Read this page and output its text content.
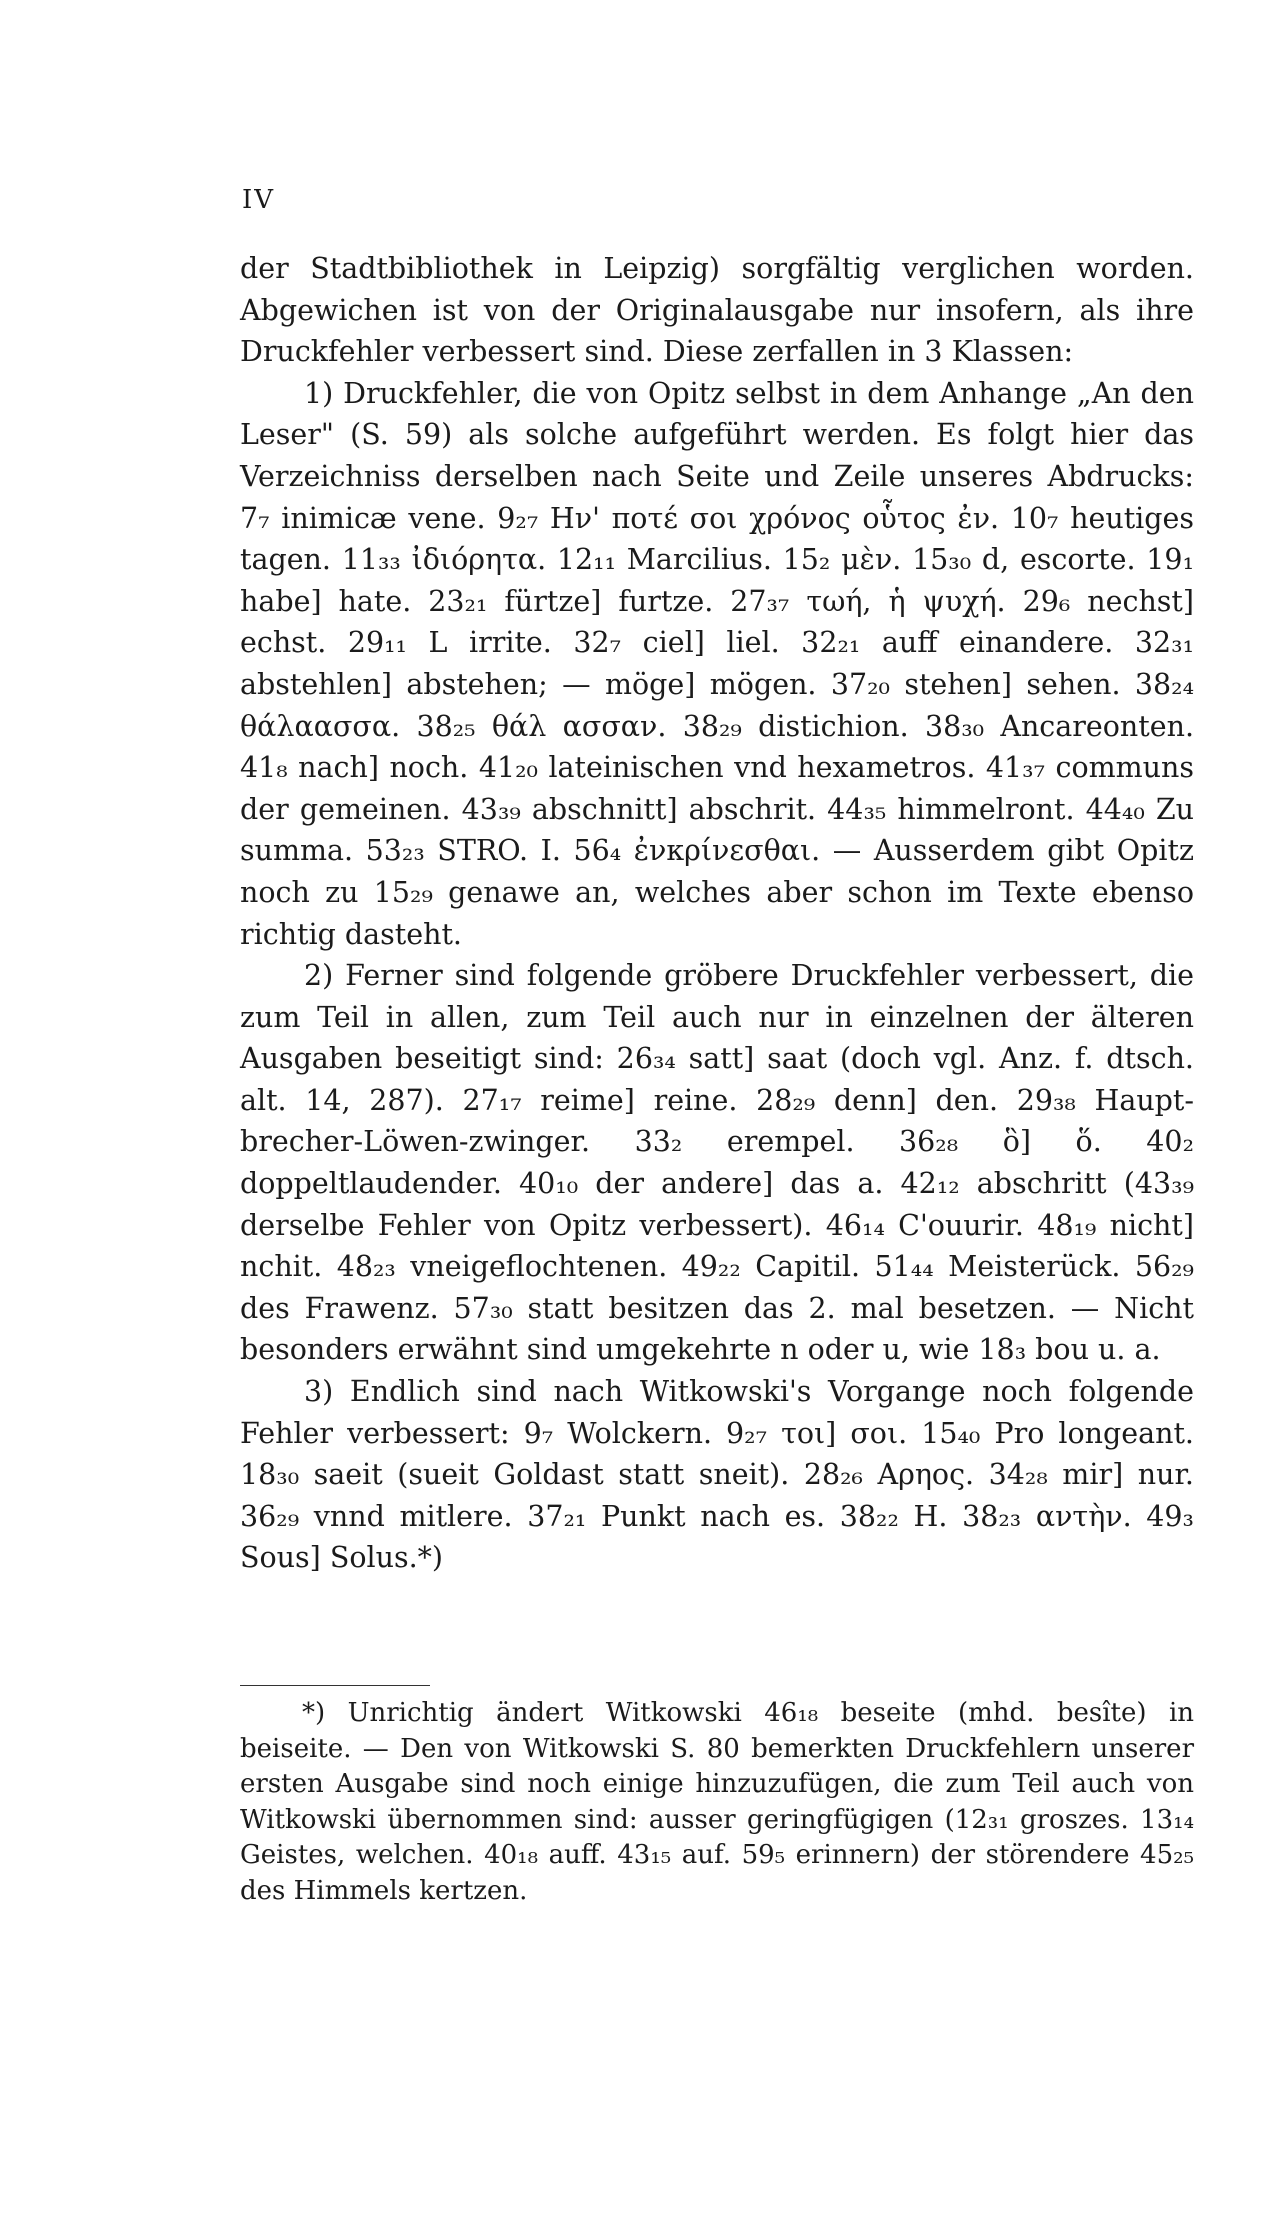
IV

der Stadtbibliothek in Leipzig) sorgfältig verglichen worden. Abgewichen ist von der Originalausgabe nur insofern, als ihre Druckfehler verbessert sind. Diese zerfallen in 3 Klassen:

1) Druckfehler, die von Opitz selbst in dem Anhange „An den Leser" (S. 59) als solche aufgeführt werden. Es folgt hier das Verzeichniss derselben nach Seite und Zeile unseres Abdrucks: 7₇ inimicæ vene. 9₂₇ Ην' ποτέ σοι χρόνος οὗτος ἐν. 10₇ heutiges tagen. 11₃₃ ἰδιόρητα. 12₁₁ Marcilius. 15₂ μὲν. 15₃₀ d, escorte. 19₁ habe] hate. 23₂₁ fürtze] furtze. 27₃₇ τωή, ἡ ψυχή. 29₆ nechst] echst. 29₁₁ L irrite. 32₇ ciel] liel. 32₂₁ auff einandere. 32₃₁ abstehlen] abstehen; — möge] mögen. 37₂₀ stehen] sehen. 38₂₄ θάλαασσα. 38₂₅ θάλ ασσαν. 38₂₉ distichion. 38₃₀ Ancareonten. 41₈ nach] noch. 41₂₀ lateinischen vnd hexametros. 41₃₇ communs der gemeinen. 43₃₉ abschnitt] abschrit. 44₃₅ himmelront. 44₄₀ Zu summa. 53₂₃ STRO. I. 56₄ ἐνκρίνεσθαι. — Ausserdem gibt Opitz noch zu 15₂₉ genawe an, welches aber schon im Texte ebenso richtig dasteht.

2) Ferner sind folgende gröbere Druckfehler verbessert, die zum Teil in allen, zum Teil auch nur in einzelnen der älteren Ausgaben beseitigt sind: 26₃₄ satt] saat (doch vgl. Anz. f. dtsch. alt. 14, 287). 27₁₇ reime] reine. 28₂₉ denn] den. 29₃₈ Haupt-brecher-Löwen-zwinger. 33₂ erempel. 36₂₈ ὃ] ὅ. 40₂ doppeltlaudender. 40₁₀ der andere] das a. 42₁₂ abschritt (43₃₉ derselbe Fehler von Opitz verbessert). 46₁₄ C'ouurir. 48₁₉ nicht] nchit. 48₂₃ vneigeflochtenen. 49₂₂ Capitil. 51₄₄ Meisterück. 56₂₉ des Frawenz. 57₃₀ statt besitzen das 2. mal besetzen. — Nicht besonders erwähnt sind umgekehrte n oder u, wie 18₃ bou u. a.

3) Endlich sind nach Witkowski's Vorgange noch folgende Fehler verbessert: 9₇ Wolckern. 9₂₇ τοι] σοι. 15₄₀ Pro longeant. 18₃₀ saeit (sueit Goldast statt sneit). 28₂₆ Αρηος. 34₂₈ mir] nur. 36₂₉ vnnd mitlere. 37₂₁ Punkt nach es. 38₂₂ H. 38₂₃ αντὴν. 49₃ Sous] Solus.*)

*) Unrichtig ändert Witkowski 46₁₈ beseite (mhd. besîte) in beiseite. — Den von Witkowski S. 80 bemerkten Druckfehlern unserer ersten Ausgabe sind noch einige hinzuzufügen, die zum Teil auch von Witkowski übernommen sind: ausser geringfügigen (12₃₁ groszes. 13₁₄ Geistes, welchen. 40₁₈ auff. 43₁₅ auf. 59₅ erinnern) der störendere 45₂₅ des Himmels kertzen.
